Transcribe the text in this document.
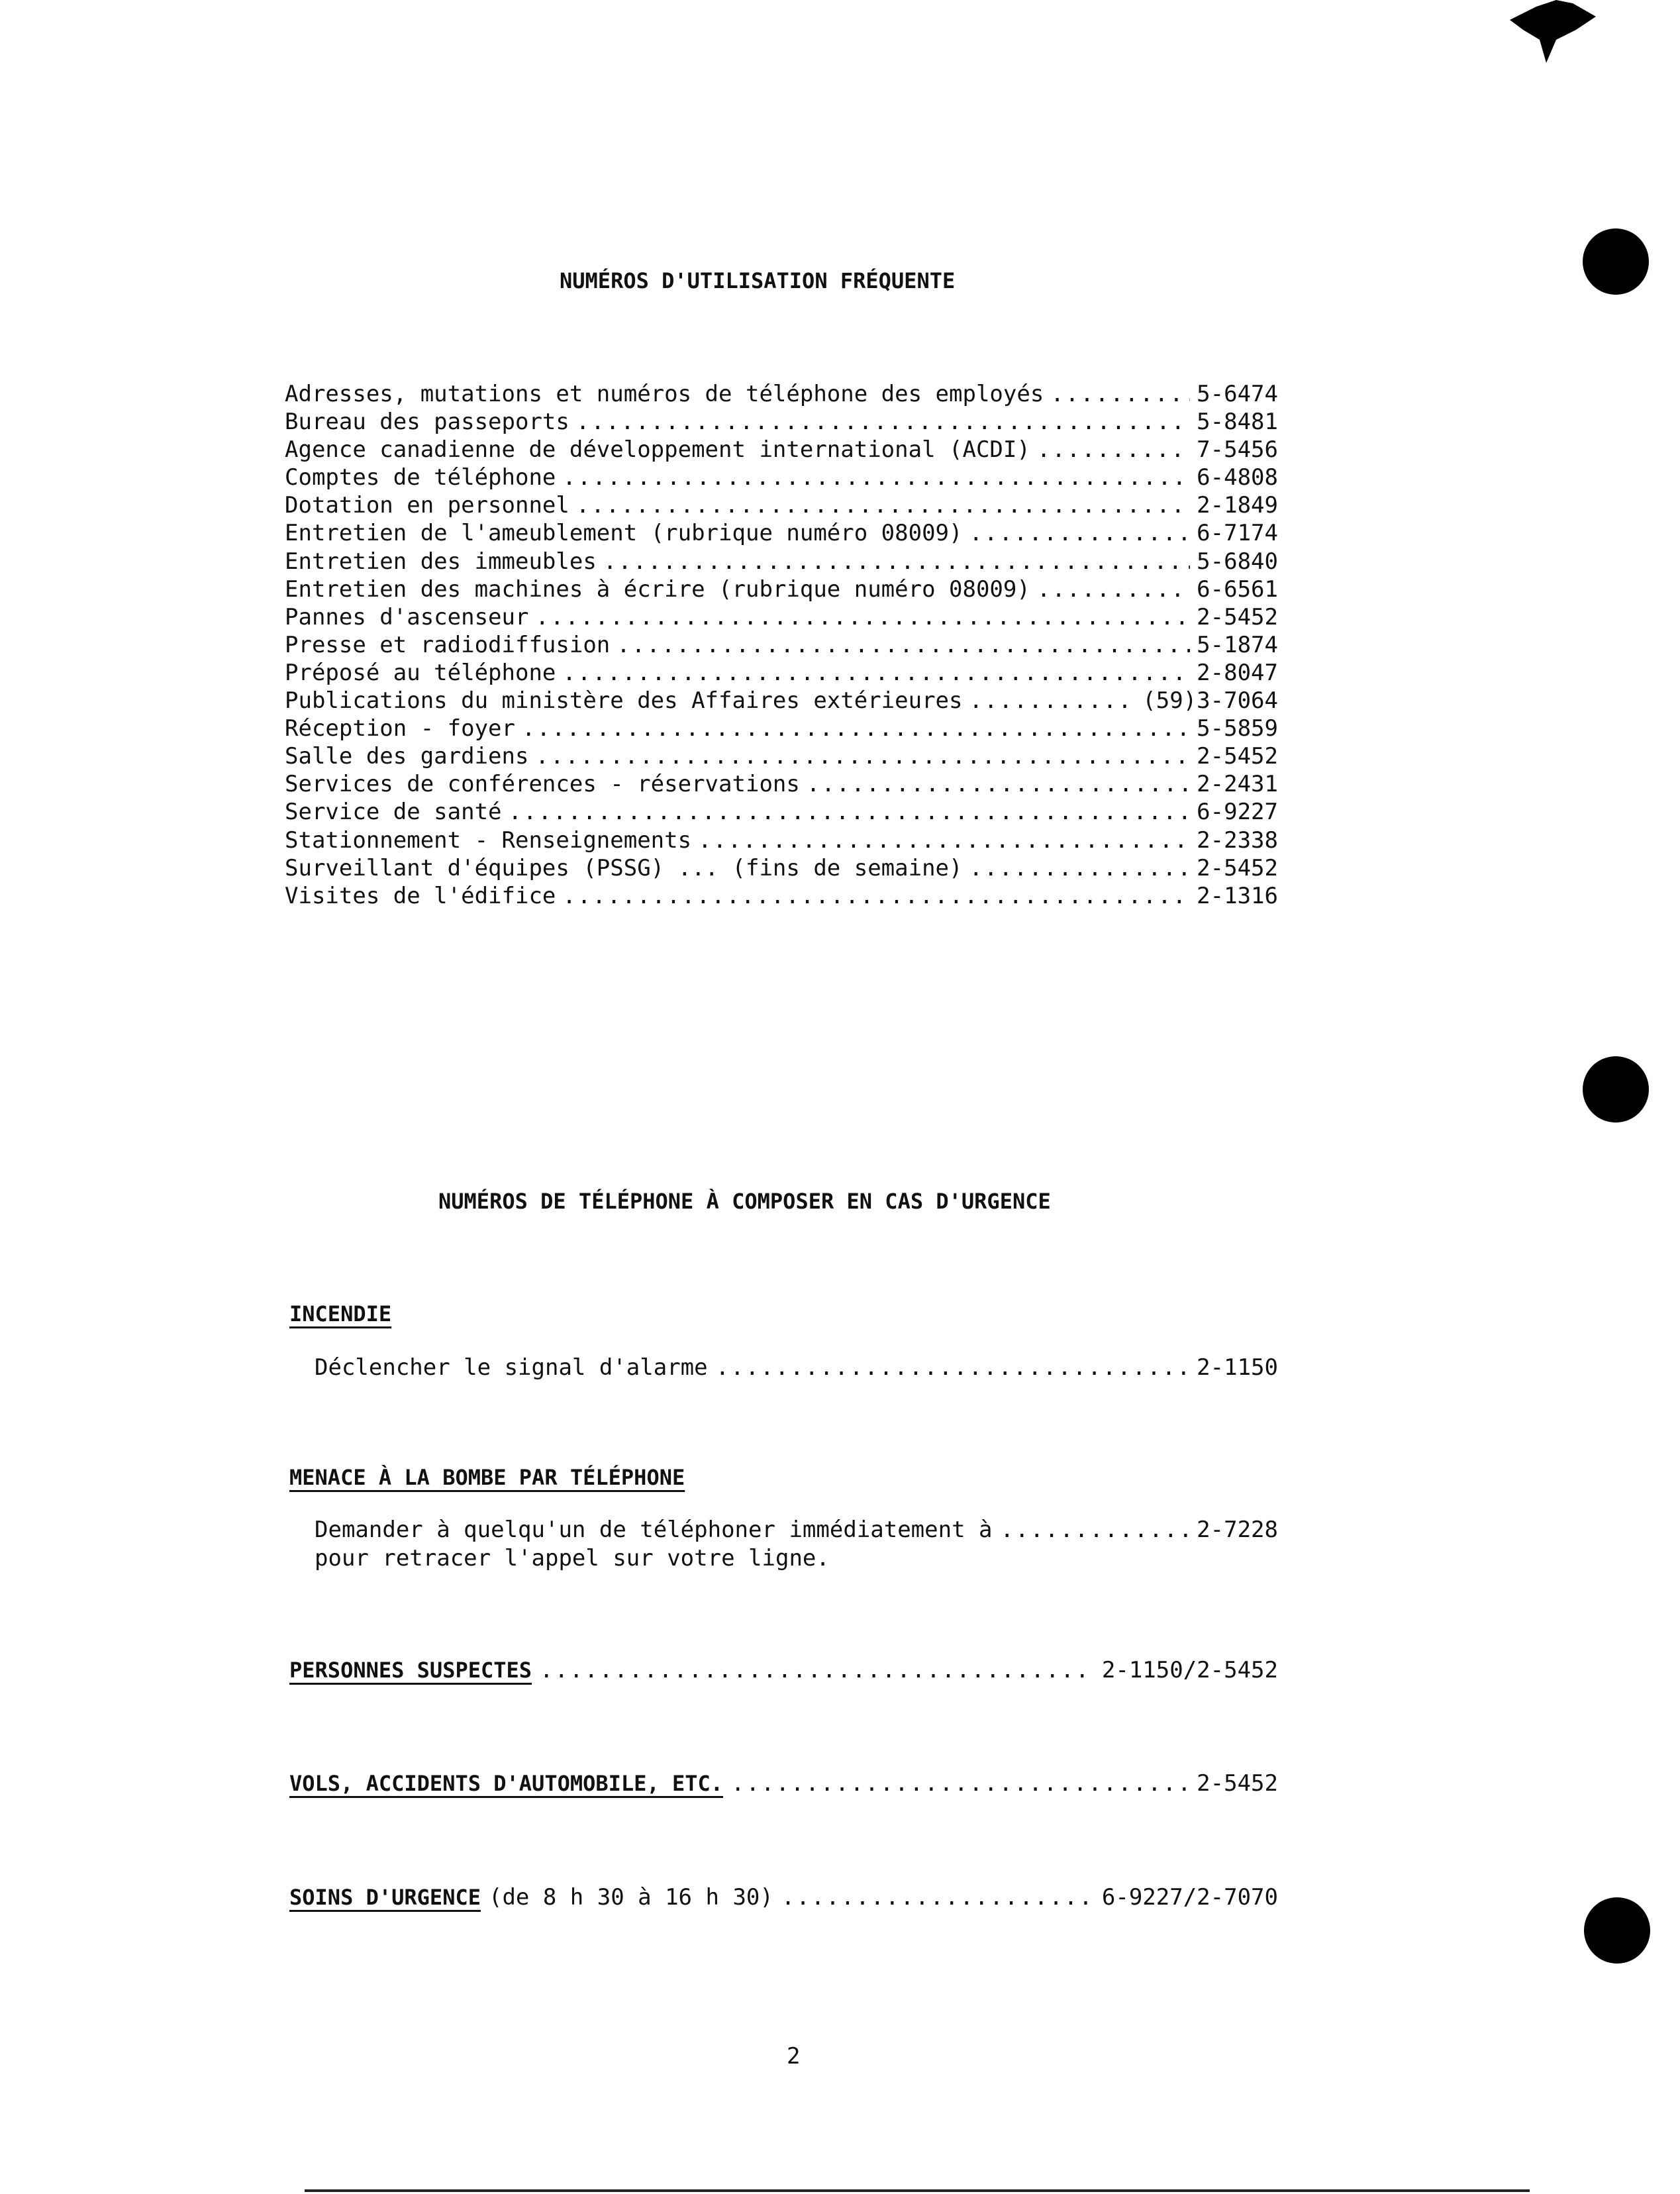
NUMÉROS D'UTILISATION FRÉQUENTE
Adresses, mutations et numéros de téléphone des employés .....	5-6474
Bureau des passeports .....	5-8481
Agence canadienne de développement international (ACDI) .....	7-5456
Comptes de téléphone .....	6-4808
Dotation en personnel .....	2-1849
Entretien de l'ameublement (rubrique numéro 08009) .....	6-7174
Entretien des immeubles .....	5-6840
Entretien des machines à écrire (rubrique numéro 08009) .....	6-6561
Pannes d'ascenseur .....	2-5452
Presse et radiodiffusion .....	5-1874
Préposé au téléphone .....	2-8047
Publications du ministère des Affaires extérieures .....	(59)3-7064
Réception - foyer .....	5-5859
Salle des gardiens .....	2-5452
Services de conférences - réservations .....	2-2431
Service de santé .....	6-9227
Stationnement - Renseignements .....	2-2338
Surveillant d'équipes (PSSG) ... (fins de semaine) .....	2-5452
Visites de l'édifice .....	2-1316
NUMÉROS DE TÉLÉPHONE À COMPOSER EN CAS D'URGENCE
INCENDIE
Déclencher le signal d'alarme .....	2-1150
MENACE À LA BOMBE PAR TÉLÉPHONE
Demander à quelqu'un de téléphoner immédiatement à .....	2-7228
pour retracer l'appel sur votre ligne.
PERSONNES SUSPECTES .....	2-1150/2-5452
VOLS, ACCIDENTS D'AUTOMOBILE, ETC. .....	2-5452
SOINS D'URGENCE (de 8 h 30 à 16 h 30) .....	6-9227/2-7070
2
